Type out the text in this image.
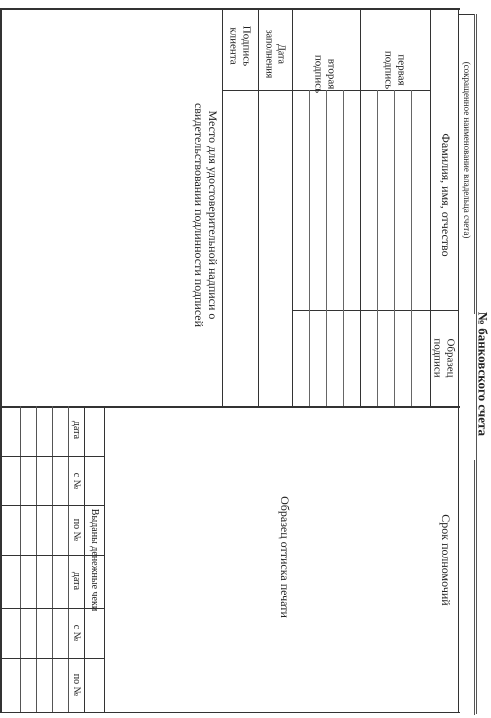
№ банковского счета
(сокращенное наименование владельца счета)
Фамилия, имя, отчество
Образец подписи
Срок полномочий
первая подпись
вторая подпись
Дата заполнения
Подпись клиента
Место для удостоверительной надписи о свидетельствовании подлинности подписей
Образец оттиска печати
Выданы денежные чеки
дата
с №
по №
дата
с №
по №
